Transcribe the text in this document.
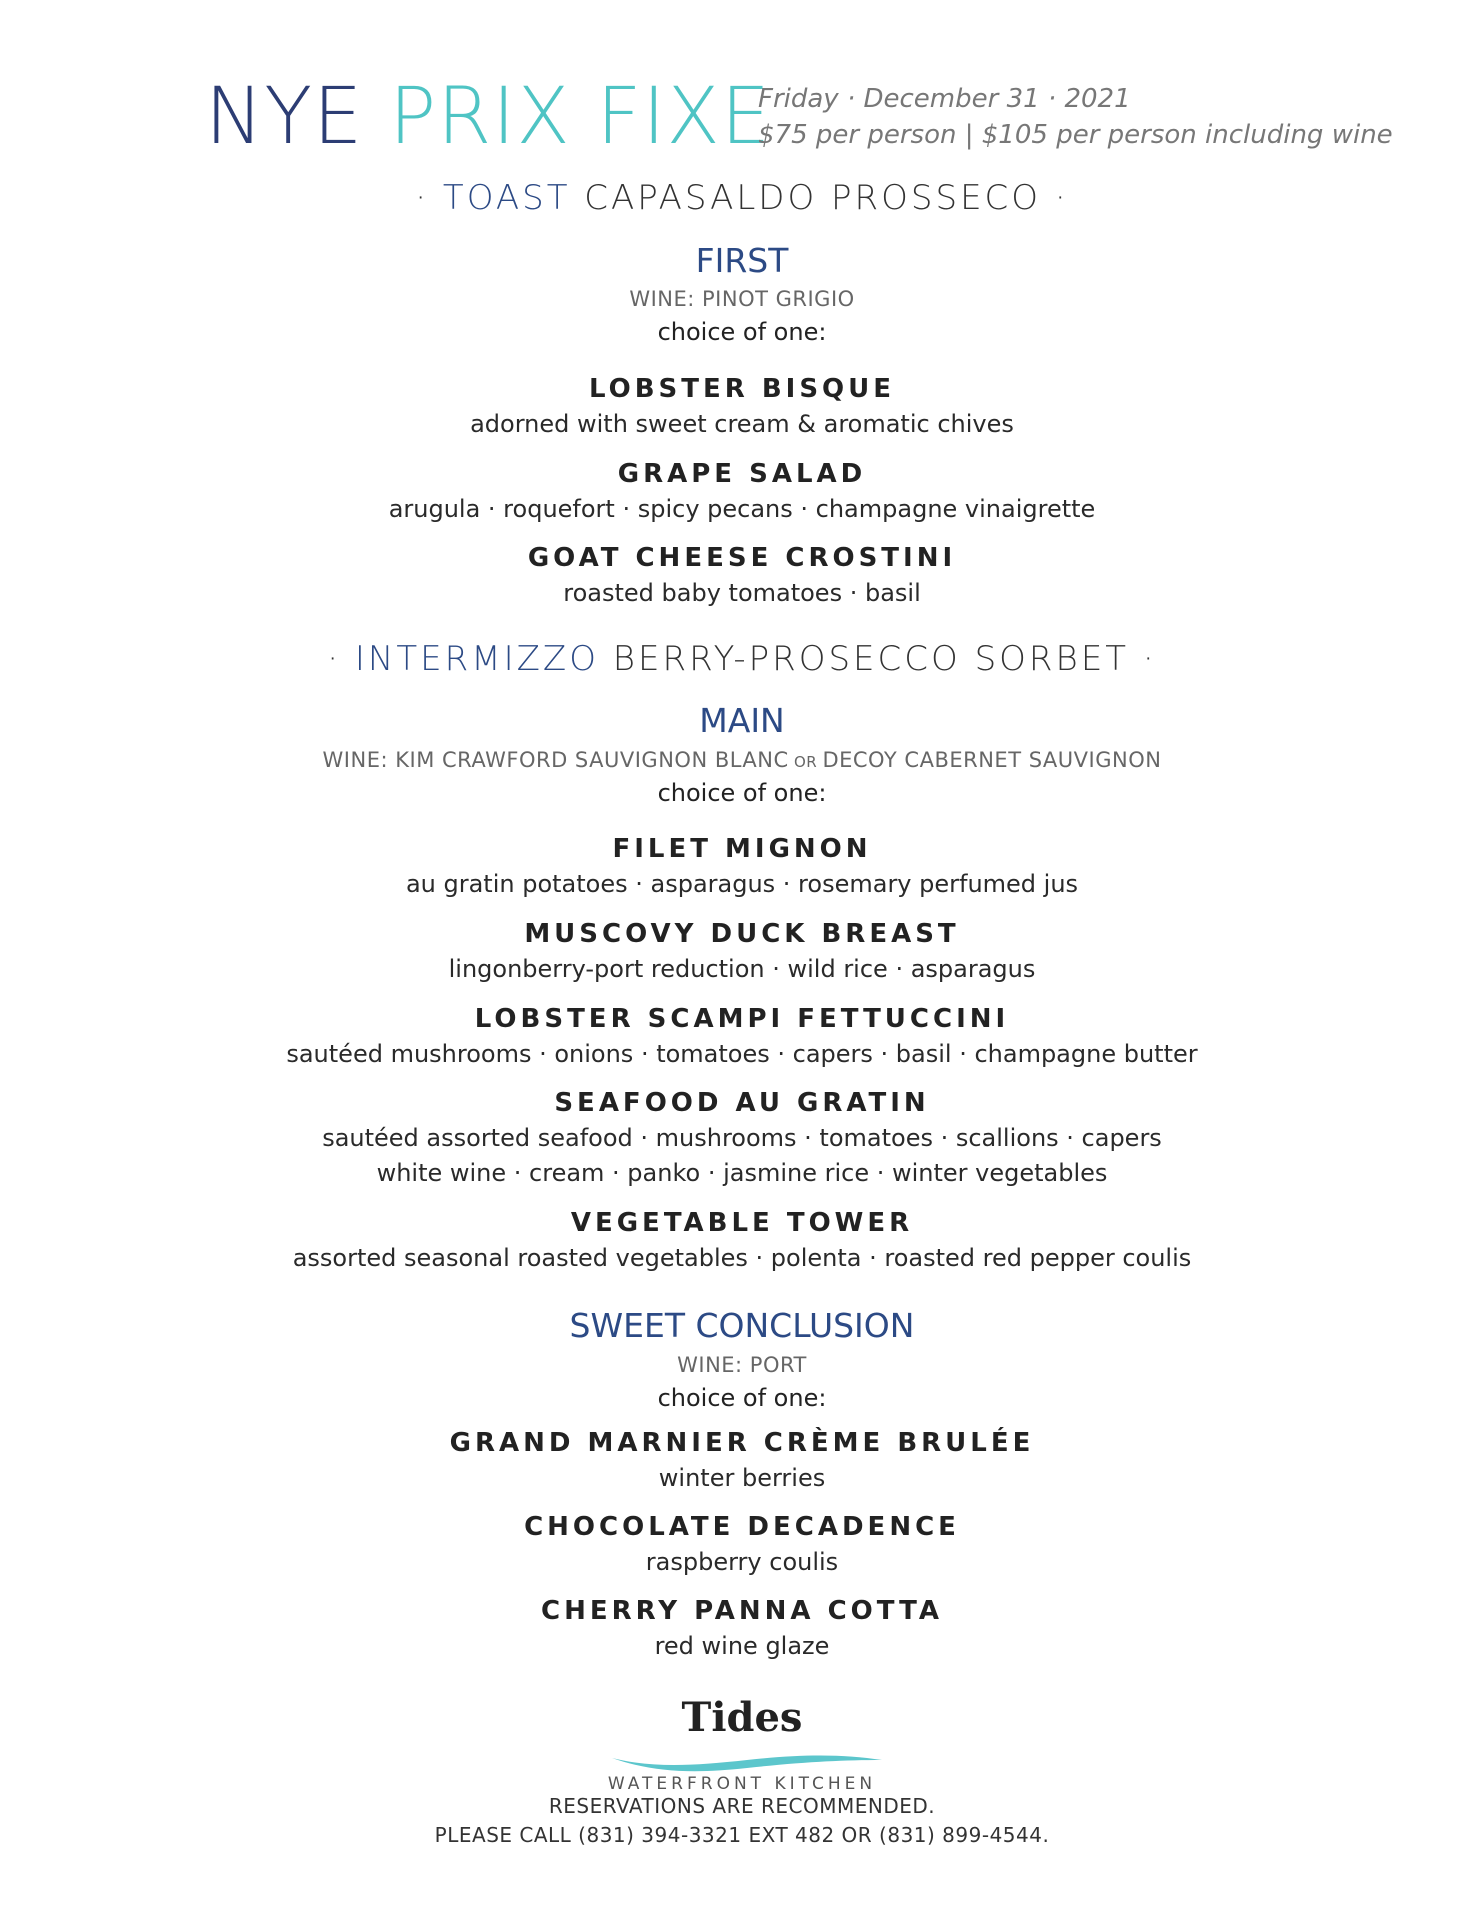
NYE PRIX FIXE
Friday · December 31 · 2021
$75 per person | $105 per person including wine
· TOAST CAPASALDO PROSSECO ·
FIRST
WINE: PINOT GRIGIO
choice of one:
LOBSTER BISQUE
adorned with sweet cream & aromatic chives
GRAPE SALAD
arugula · roquefort · spicy pecans · champagne vinaigrette
GOAT CHEESE CROSTINI
roasted baby tomatoes · basil
· INTERMIZZO BERRY-PROSECCO SORBET ·
MAIN
WINE: KIM CRAWFORD SAUVIGNON BLANC OR DECOY CABERNET SAUVIGNON
choice of one:
FILET MIGNON
au gratin potatoes · asparagus · rosemary perfumed jus
MUSCOVY DUCK BREAST
lingonberry-port reduction · wild rice · asparagus
LOBSTER SCAMPI FETTUCCINI
sautéed mushrooms · onions · tomatoes · capers · basil · champagne butter
SEAFOOD AU GRATIN
sautéed assorted seafood · mushrooms · tomatoes · scallions · capers
white wine · cream · panko · jasmine rice · winter vegetables
VEGETABLE TOWER
assorted seasonal roasted vegetables · polenta · roasted red pepper coulis
SWEET CONCLUSION
WINE: PORT
choice of one:
GRAND MARNIER CRÈME BRULÉE
winter berries
CHOCOLATE DECADENCE
raspberry coulis
CHERRY PANNA COTTA
red wine glaze
Tides
WATERFRONT KITCHEN
RESERVATIONS ARE RECOMMENDED.
PLEASE CALL (831) 394-3321 EXT 482 OR (831) 899-4544.
